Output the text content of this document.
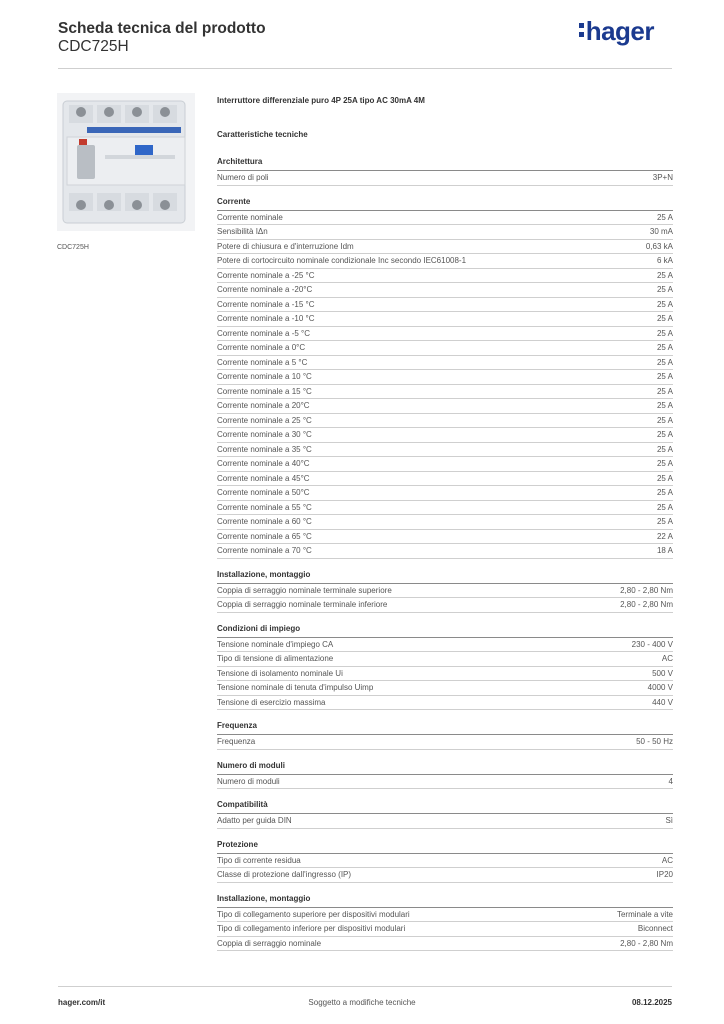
Scheda tecnica del prodotto
CDC725H
hager
CDC725H
Interruttore differenziale puro 4P 25A tipo AC 30mA 4M
Caratteristiche tecniche
Architettura
Numero di poli	3P+N
Corrente
Corrente nominale	25 A
Sensibilità IΔn	30 mA
Potere di chiusura e d'interruzione Idm	0,63 kA
Potere di cortocircuito nominale condizionale Inc secondo IEC61008-1	6 kA
Corrente nominale a -25 °C	25 A
Corrente nominale a -20°C	25 A
Corrente nominale a -15 °C	25 A
Corrente nominale a -10 °C	25 A
Corrente nominale a -5 °C	25 A
Corrente nominale a 0°C	25 A
Corrente nominale a 5 °C	25 A
Corrente nominale a 10 °C	25 A
Corrente nominale a 15 °C	25 A
Corrente nominale a 20°C	25 A
Corrente nominale a 25 °C	25 A
Corrente nominale a 30 °C	25 A
Corrente nominale a 35 °C	25 A
Corrente nominale a 40°C	25 A
Corrente nominale a 45°C	25 A
Corrente nominale a 50°C	25 A
Corrente nominale a 55 °C	25 A
Corrente nominale a 60 °C	25 A
Corrente nominale a 65 °C	22 A
Corrente nominale a 70 °C	18 A
Installazione, montaggio
Coppia di serraggio nominale terminale superiore	2,80 - 2,80 Nm
Coppia di serraggio nominale terminale inferiore	2,80 - 2,80 Nm
Condizioni di impiego
Tensione nominale d'impiego CA	230 - 400 V
Tipo di tensione di alimentazione	AC
Tensione di isolamento nominale Ui	500 V
Tensione nominale di tenuta d'impulso Uimp	4000 V
Tensione di esercizio massima	440 V
Frequenza
Frequenza	50 - 50 Hz
Numero di moduli
Numero di moduli	4
Compatibilità
Adatto per guida DIN	Sì
Protezione
Tipo di corrente residua	AC
Classe di protezione dall'ingresso (IP)	IP20
Installazione, montaggio
Tipo di collegamento superiore per dispositivi modulari	Terminale a vite
Tipo di collegamento inferiore per dispositivi modulari	Biconnect
Coppia di serraggio nominale	2,80 - 2,80 Nm
hager.com/it	Soggetto a modifiche tecniche	08.12.2025
